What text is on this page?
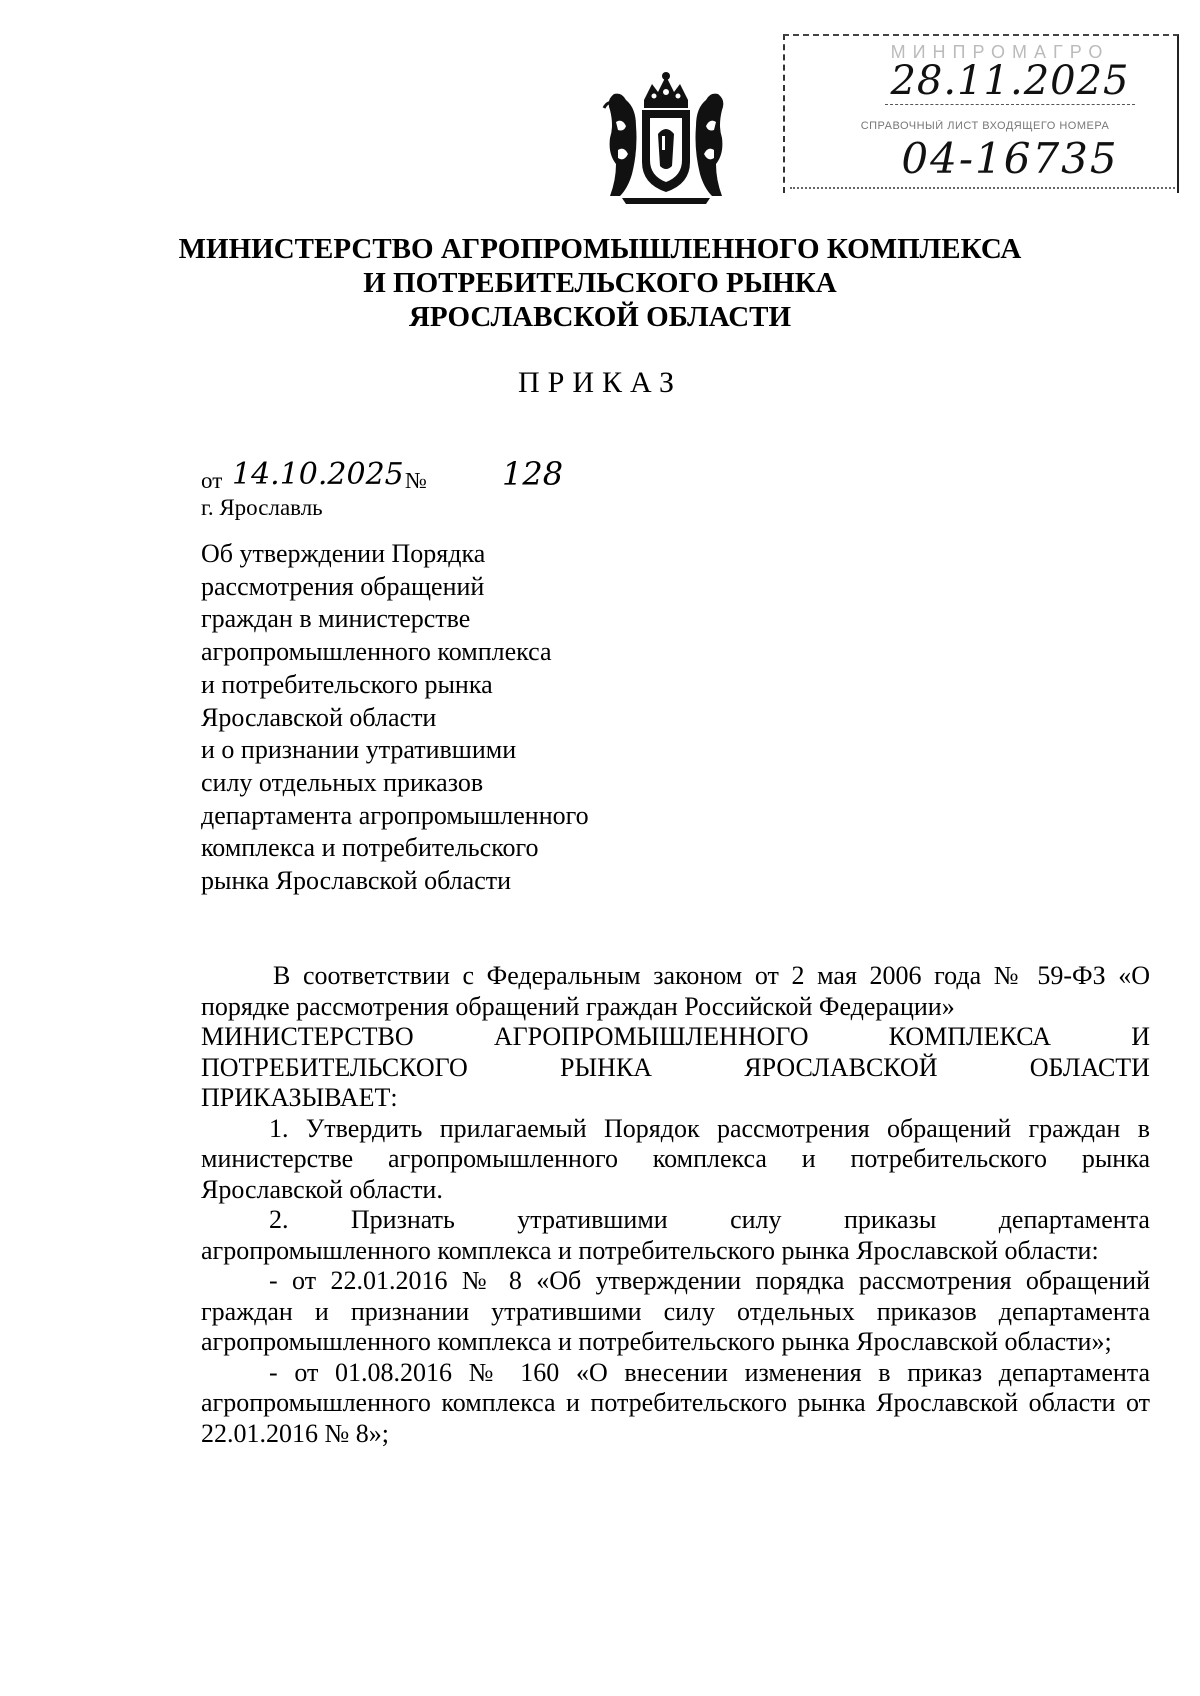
МИНПРОМАГРО
28.11.2025
СПРАВОЧНЫЙ ЛИСТ ВХОДЯЩЕГО НОМЕРА
04-16735
МИНИСТЕРСТВО АГРОПРОМЫШЛЕННОГО КОМПЛЕКСА
И ПОТРЕБИТЕЛЬСКОГО РЫНКА
ЯРОСЛАВСКОЙ ОБЛАСТИ
ПРИКАЗ
от 14.10.2025 № 128
г. Ярославль
Об утверждении Порядка
рассмотрения обращений
граждан в министерстве
агропромышленного комплекса
и потребительского рынка
Ярославской области
и о признании утратившими
силу отдельных приказов
департамента агропромышленного
комплекса и потребительского
рынка Ярославской области

В соответствии с Федеральным законом от 2 мая 2006 года № 59-ФЗ «О порядке рассмотрения обращений граждан Российской Федерации»

МИНИСТЕРСТВО	АГРОПРОМЫШЛЕННОГО	КОМПЛЕКСА	И
ПОТРЕБИТЕЛЬСКОГО	РЫНКА	ЯРОСЛАВСКОЙ	ОБЛАСТИ

ПРИКАЗЫВАЕТ:

1. Утвердить прилагаемый Порядок рассмотрения обращений граждан в министерстве агропромышленного комплекса и потребительского рынка Ярославской области.

2. Признать утратившими силу приказы департамента

агропромышленного комплекса и потребительского рынка Ярославской области:

- от 22.01.2016 № 8 «Об утверждении порядка рассмотрения обращений граждан и признании утратившими силу отдельных приказов департамента агропромышленного комплекса и потребительского рынка Ярославской области»;

- от 01.08.2016 № 160 «О внесении изменения в приказ департамента агропромышленного комплекса и потребительского рынка Ярославской области от 22.01.2016 № 8»;
